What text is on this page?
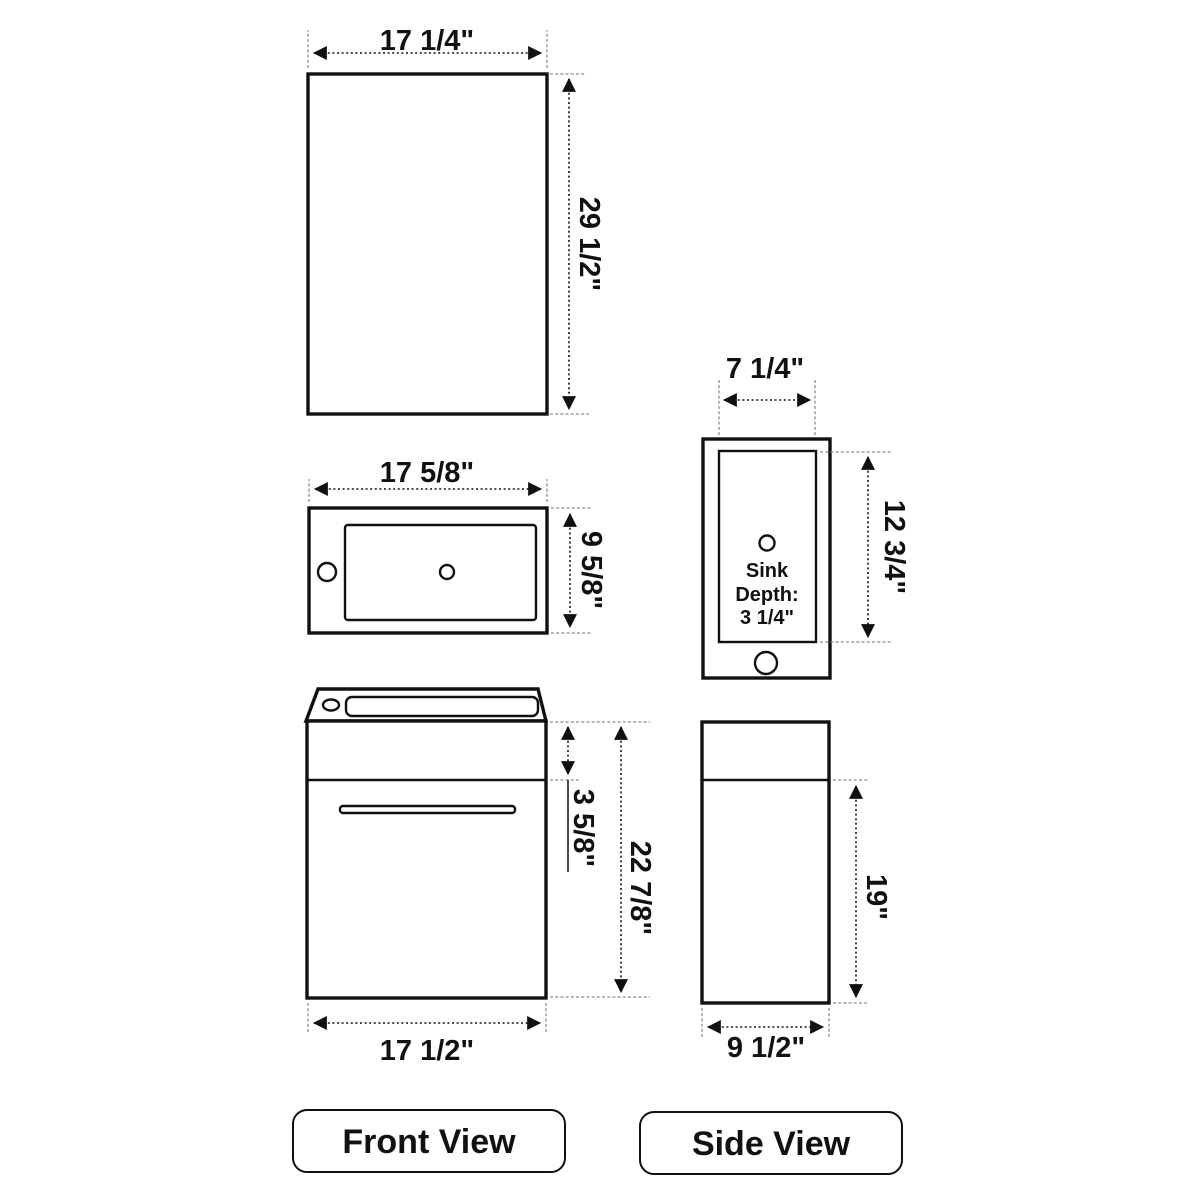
17 1/4"
29 1/2"
17 5/8"
9 5/8"
3 5/8"
22 7/8"
17 1/2"
Sink
Depth:
3 1/4"
7 1/4"
12 3/4"
19"
9 1/2"
Front View	Side View
